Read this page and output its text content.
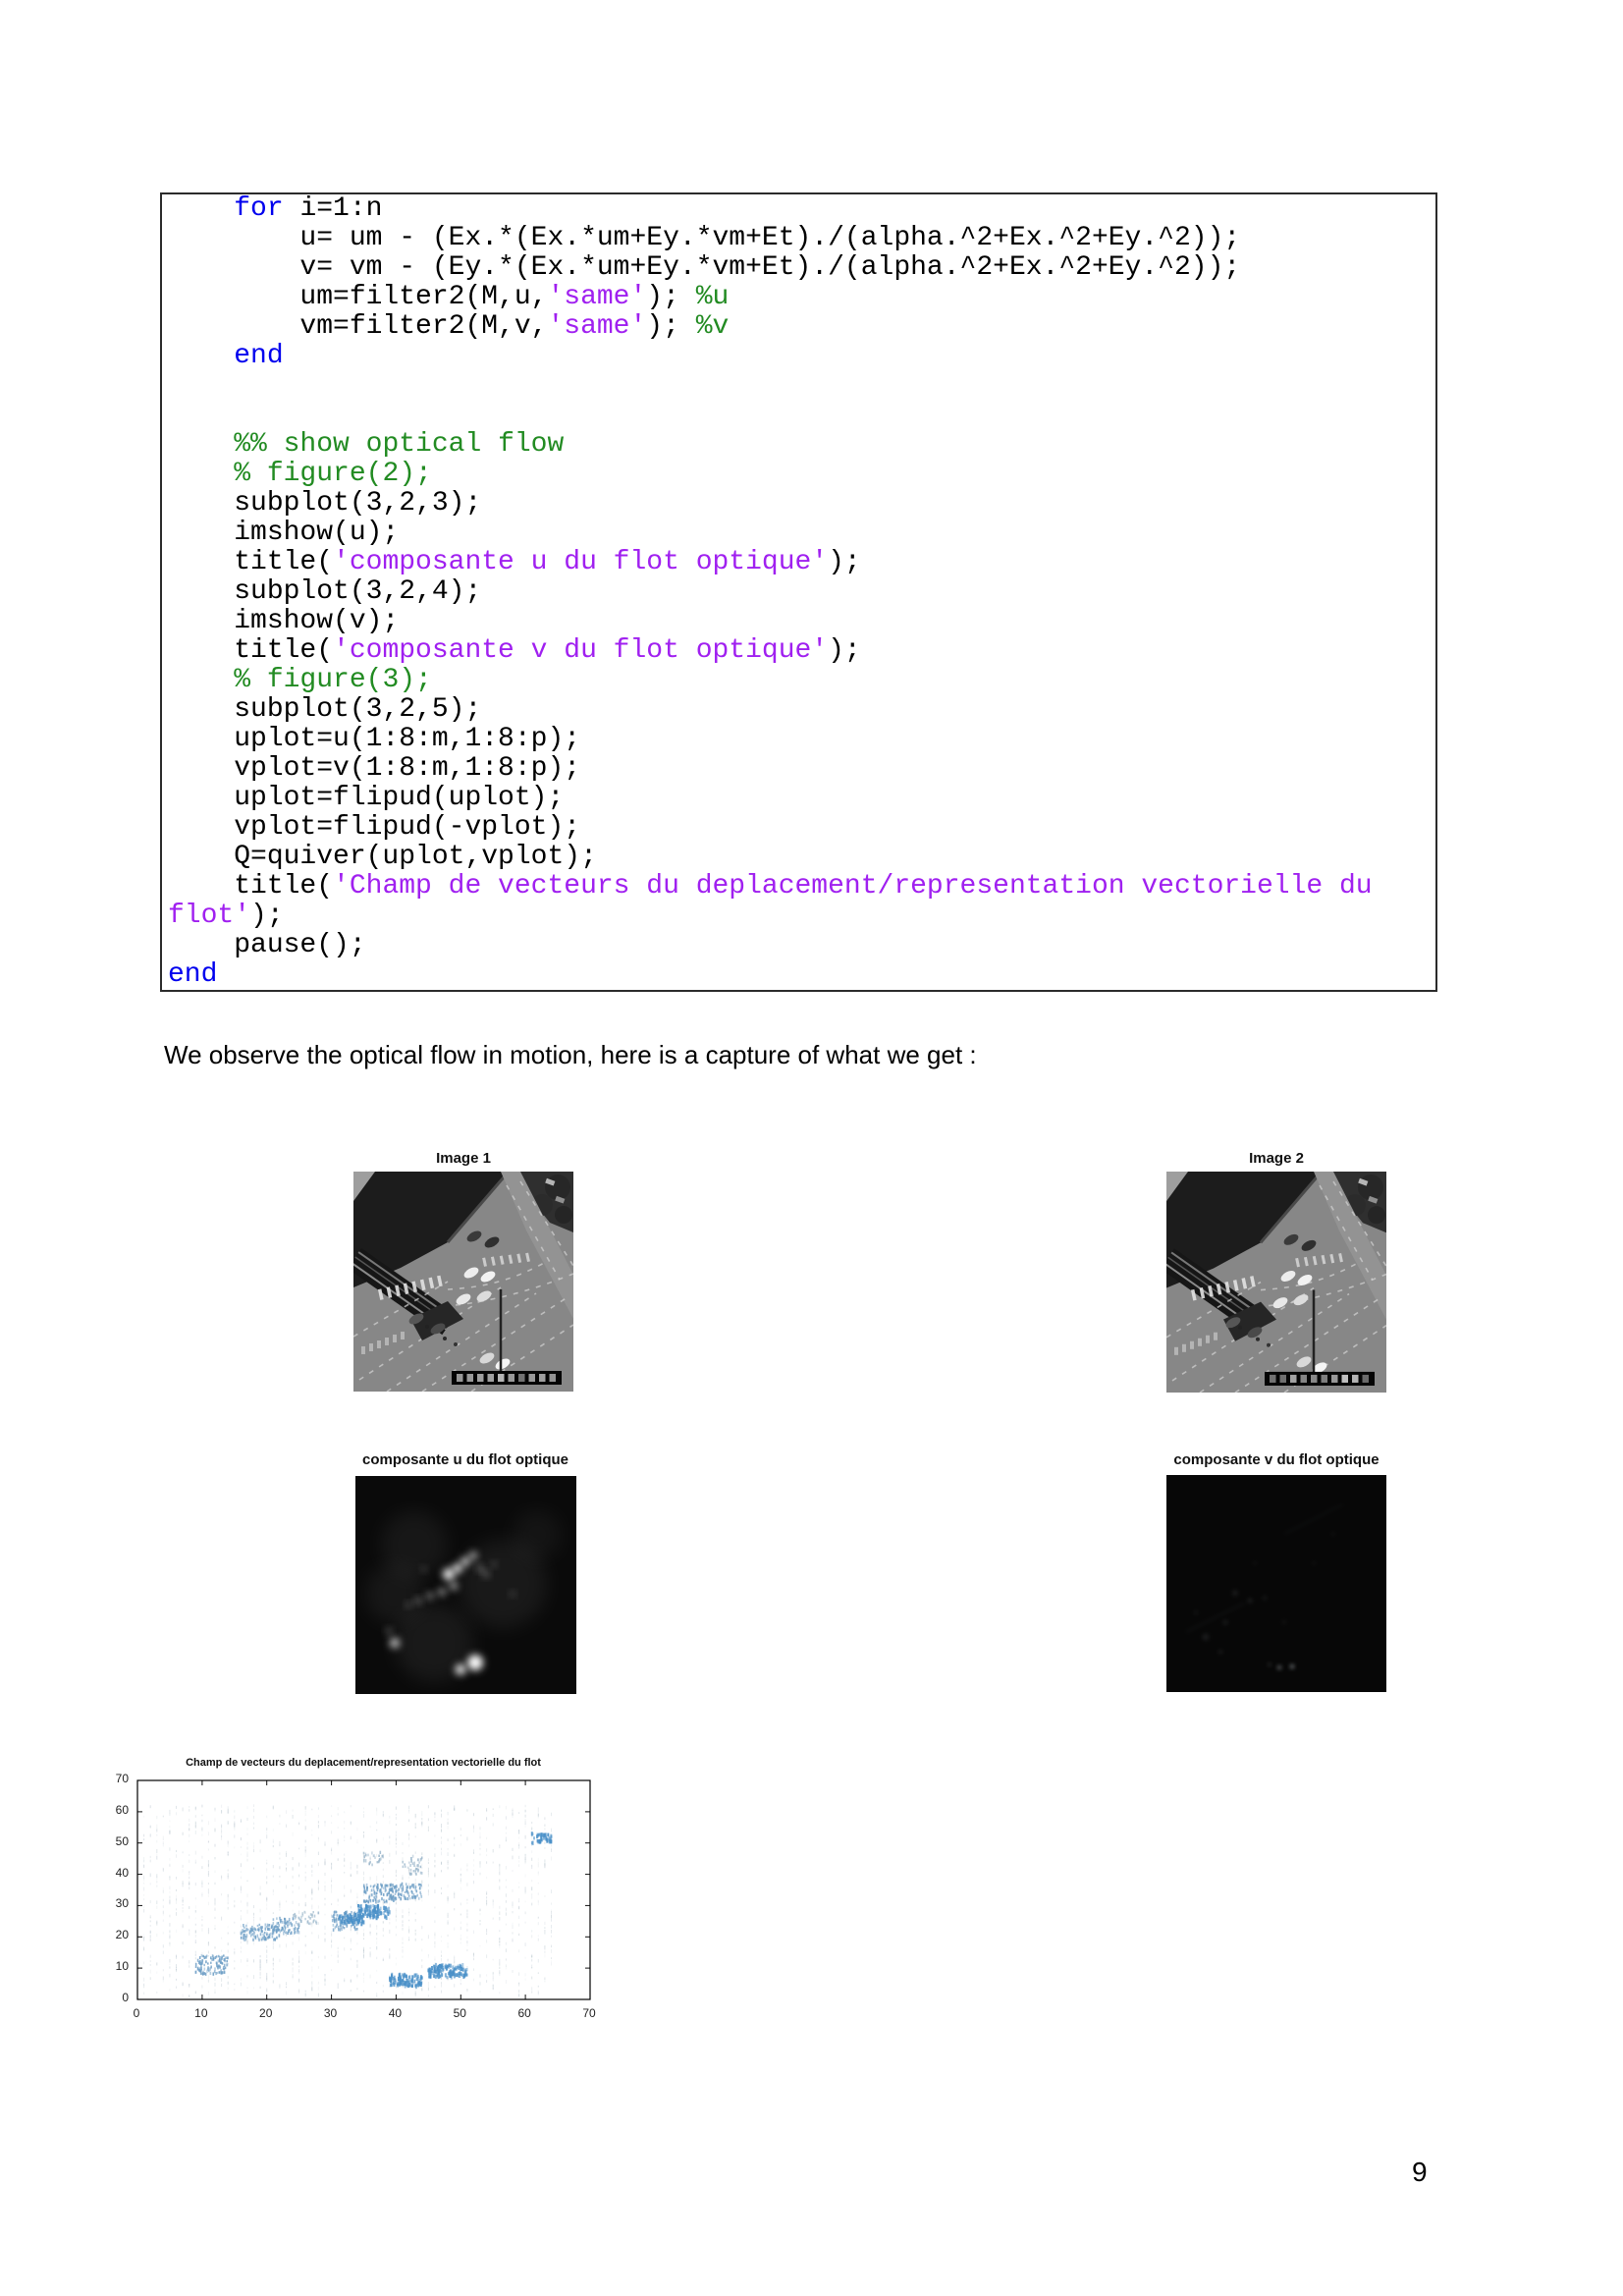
for i=1:n
u= um - (Ex.*(Ex.*um+Ey.*vm+Et)./(alpha.^2+Ex.^2+Ey.^2));
v= vm - (Ey.*(Ex.*um+Ey.*vm+Et)./(alpha.^2+Ex.^2+Ey.^2));
um=filter2(M,u,'same'); %u
vm=filter2(M,v,'same'); %v
end

%% show optical flow
% figure(2);
subplot(3,2,3);
imshow(u);
title('composante u du flot optique');
subplot(3,2,4);
imshow(v);
title('composante v du flot optique');
% figure(3);
subplot(3,2,5);
uplot=u(1:8:m,1:8:p);
vplot=v(1:8:m,1:8:p);
uplot=flipud(uplot);
vplot=flipud(-vplot);
Q=quiver(uplot,vplot);
title('Champ de vecteurs du deplacement/representation vectorielle du
flot');
pause();
end
We observe the optical flow in motion, here is a capture of what we get :
Image 1	Image 2
composante u du flot optique	composante v du flot optique
Champ de vecteurs du deplacement/representation vectorielle du flot
0	10	20	30	40	50	60	70
0
10
20
30
40
50
60
70
9
